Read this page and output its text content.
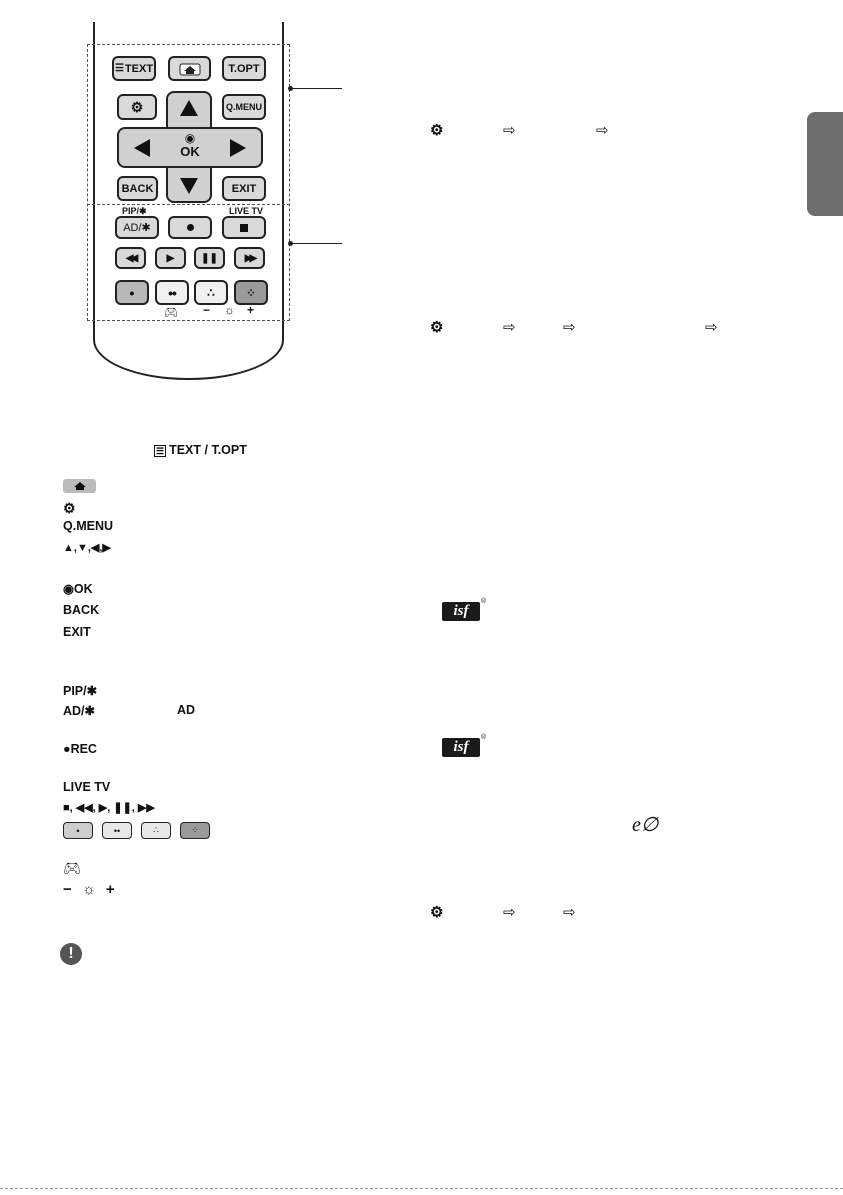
☰ TEXT	T.OPT
⚙	Q.MENU
◉
OK
BACK	EXIT
PIP/✱	LIVE TV
AD/✱
◀◀	▶	❚❚	▶▶
• ••	∴	⁘
🎮︎ − ☼ +
☰ TEXT / T.OPT
⚙
Q.MENU
▲,▼,◀,▶
◉OK
BACK
EXIT
PIP/✱
AD/✱	AD
●REC
LIVE TV
■, ◀◀, ▶, ❚❚, ▶▶
•	••	∴	⁘
🎮︎
− ☼ +
!
⚙	⇨	⇨
⚙	⇨	⇨	⇨
isf
®
isf
®
e∅
⚙	⇨	⇨
